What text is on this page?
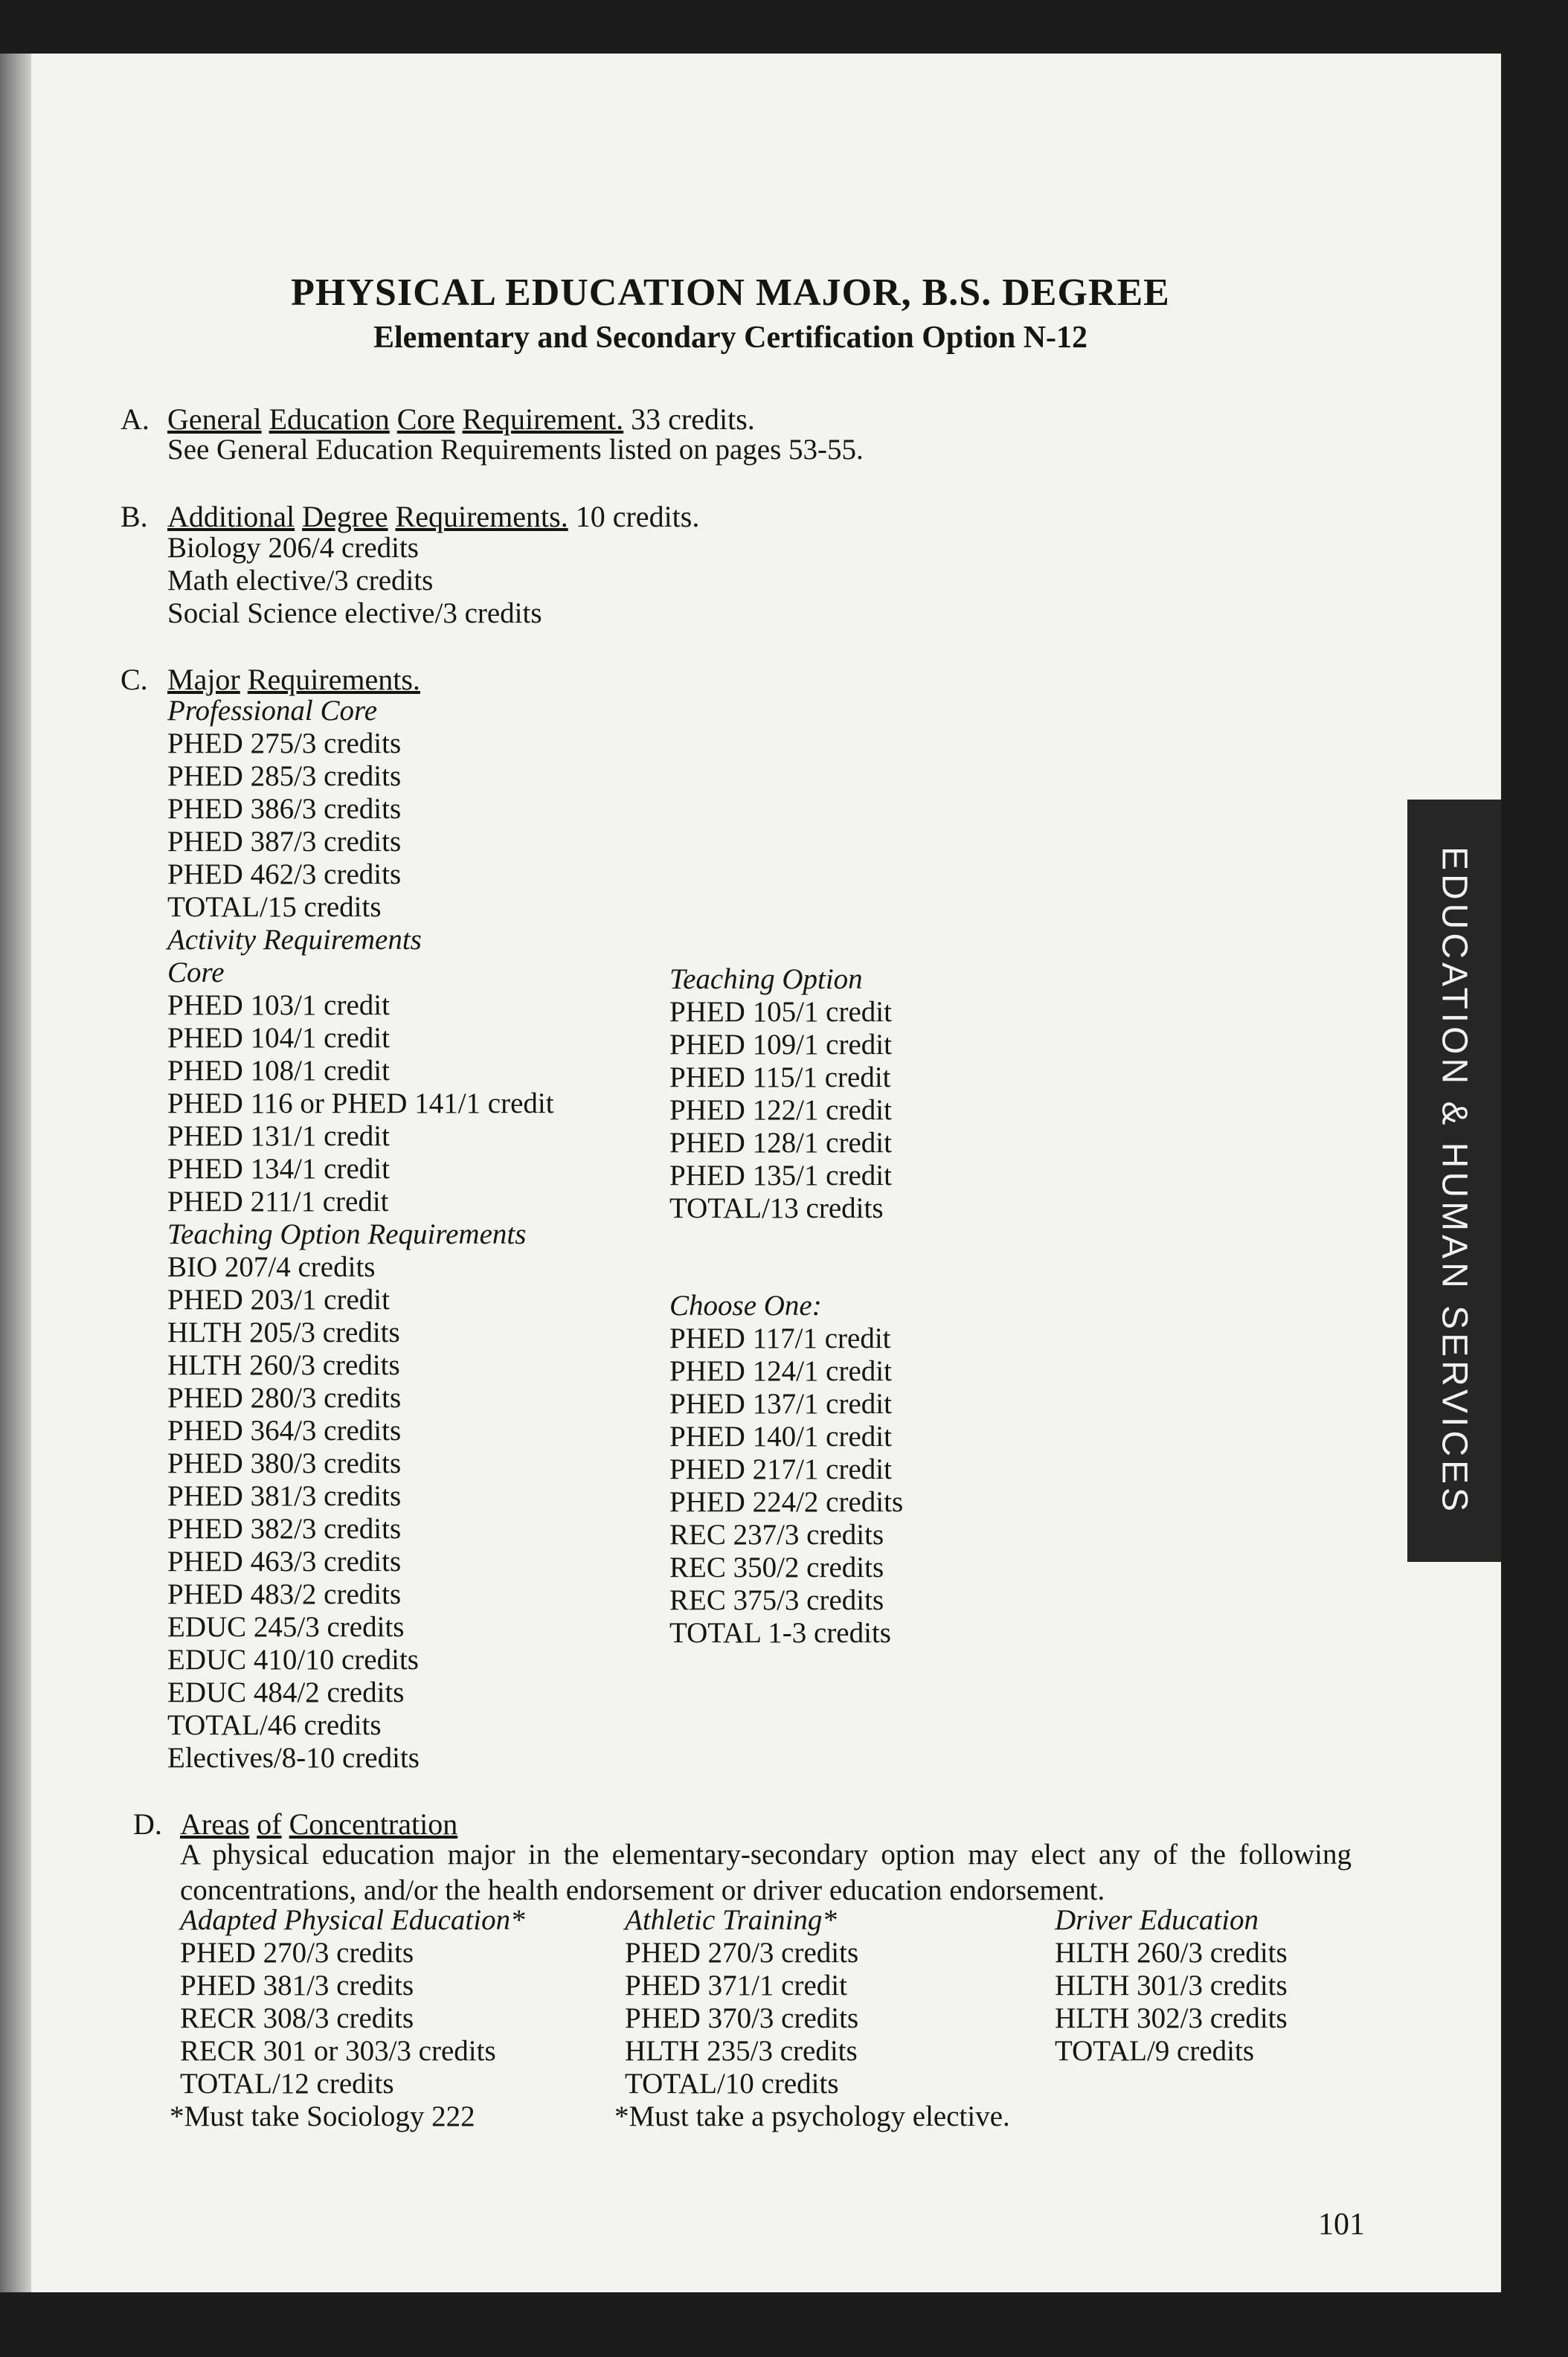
PHYSICAL EDUCATION MAJOR, B.S. DEGREE
Elementary and Secondary Certification Option N-12
A. General Education Core Requirement. 33 credits.
See General Education Requirements listed on pages 53-55.
B. Additional Degree Requirements. 10 credits.
Biology 206/4 credits
Math elective/3 credits
Social Science elective/3 credits
C. Major Requirements.
Professional Core
PHED 275/3 credits
PHED 285/3 credits
PHED 386/3 credits
PHED 387/3 credits
PHED 462/3 credits
TOTAL/15 credits
Activity Requirements
Core
PHED 103/1 credit
PHED 104/1 credit
PHED 108/1 credit
PHED 116 or PHED 141/1 credit
PHED 131/1 credit
PHED 134/1 credit
PHED 211/1 credit
Teaching Option Requirements
BIO 207/4 credits
PHED 203/1 credit
HLTH 205/3 credits
HLTH 260/3 credits
PHED 280/3 credits
PHED 364/3 credits
PHED 380/3 credits
PHED 381/3 credits
PHED 382/3 credits
PHED 463/3 credits
PHED 483/2 credits
EDUC 245/3 credits
EDUC 410/10 credits
EDUC 484/2 credits
TOTAL/46 credits
Electives/8-10 credits
Teaching Option
PHED 105/1 credit
PHED 109/1 credit
PHED 115/1 credit
PHED 122/1 credit
PHED 128/1 credit
PHED 135/1 credit
TOTAL/13 credits
Choose One:
PHED 117/1 credit
PHED 124/1 credit
PHED 137/1 credit
PHED 140/1 credit
PHED 217/1 credit
PHED 224/2 credits
REC 237/3 credits
REC 350/2 credits
REC 375/3 credits
TOTAL 1-3 credits
D. Areas of Concentration
A physical education major in the elementary-secondary option may elect any of the following concentrations, and/or the health endorsement or driver education endorsement.
Adapted Physical Education*
PHED 270/3 credits
PHED 381/3 credits
RECR 308/3 credits
RECR 301 or 303/3 credits
TOTAL/12 credits
*Must take Sociology 222
Athletic Training*
PHED 270/3 credits
PHED 371/1 credit
PHED 370/3 credits
HLTH 235/3 credits
TOTAL/10 credits
*Must take a psychology elective.
Driver Education
HLTH 260/3 credits
HLTH 301/3 credits
HLTH 302/3 credits
TOTAL/9 credits
101
EDUCATION & HUMAN SERVICES
